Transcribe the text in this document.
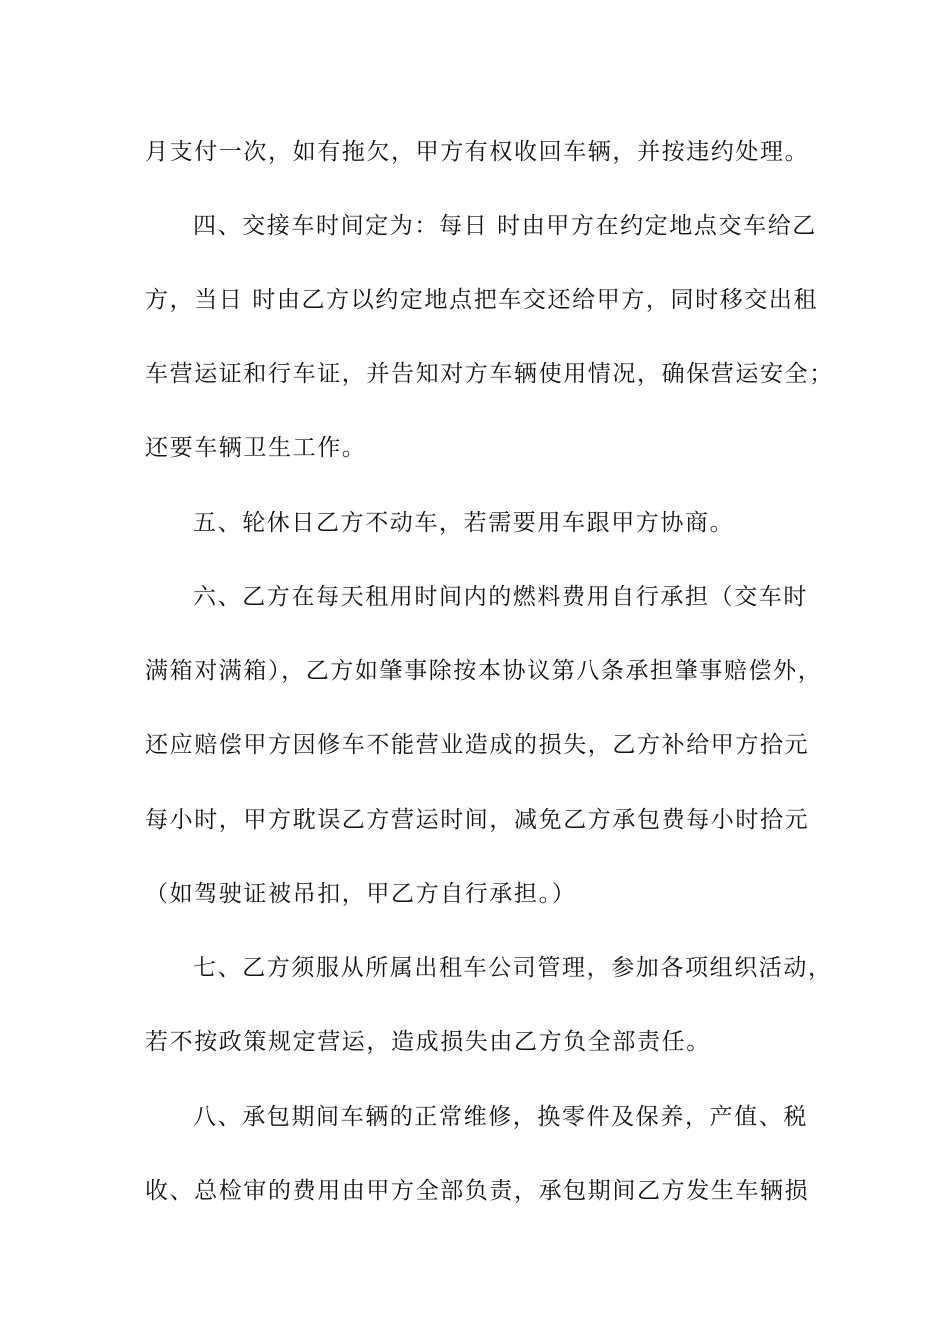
月支付一次，如有拖欠，甲方有权收回车辆，并按违约处理。
四、交接车时间定为：每日 时由甲方在约定地点交车给乙
方，当日 时由乙方以约定地点把车交还给甲方，同时移交出租
车营运证和行车证，并告知对方车辆使用情况，确保营运安全；
还要车辆卫生工作。
五、轮休日乙方不动车，若需要用车跟甲方协商。
六、乙方在每天租用时间内的燃料费用自行承担（交车时
满箱对满箱），乙方如肇事除按本协议第八条承担肇事赔偿外，
还应赔偿甲方因修车不能营业造成的损失，乙方补给甲方拾元
每小时，甲方耽误乙方营运时间，减免乙方承包费每小时拾元
（如驾驶证被吊扣，甲乙方自行承担。）
七、乙方须服从所属出租车公司管理，参加各项组织活动，
若不按政策规定营运，造成损失由乙方负全部责任。
八、承包期间车辆的正常维修，换零件及保养，产值、税
收、总检审的费用由甲方全部负责，承包期间乙方发生车辆损
